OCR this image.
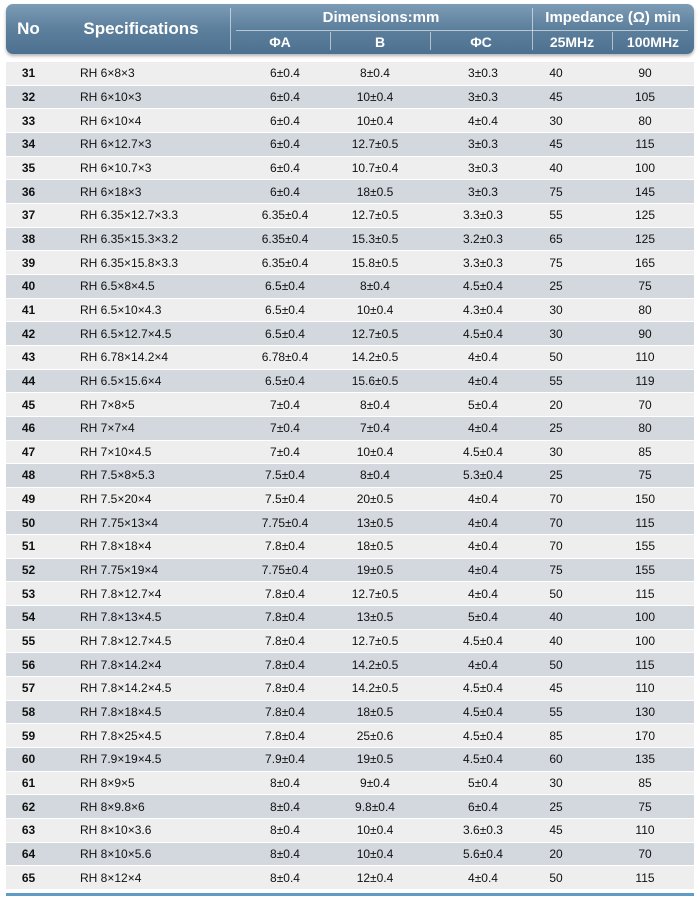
No	Specifications
Dimensions:mm	Impedance (Ω) min
ΦA	B	ΦC	25MHz	100MHz
31	RH 6×8×3	6±0.4	8±0.4	3±0.3	40	90
32	RH 6×10×3	6±0.4	10±0.4	3±0.3	45	105
33	RH 6×10×4	6±0.4	10±0.4	4±0.4	30	80
34	RH 6×12.7×3	6±0.4	12.7±0.5	3±0.3	45	115
35	RH 6×10.7×3	6±0.4	10.7±0.4	3±0.3	40	100
36	RH 6×18×3	6±0.4	18±0.5	3±0.3	75	145
37	RH 6.35×12.7×3.3	6.35±0.4	12.7±0.5	3.3±0.3	55	125
38	RH 6.35×15.3×3.2	6.35±0.4	15.3±0.5	3.2±0.3	65	125
39	RH 6.35×15.8×3.3	6.35±0.4	15.8±0.5	3.3±0.3	75	165
40	RH 6.5×8×4.5	6.5±0.4	8±0.4	4.5±0.4	25	75
41	RH 6.5×10×4.3	6.5±0.4	10±0.4	4.3±0.4	30	80
42	RH 6.5×12.7×4.5	6.5±0.4	12.7±0.5	4.5±0.4	30	90
43	RH 6.78×14.2×4	6.78±0.4	14.2±0.5	4±0.4	50	110
44	RH 6.5×15.6×4	6.5±0.4	15.6±0.5	4±0.4	55	119
45	RH 7×8×5	7±0.4	8±0.4	5±0.4	20	70
46	RH 7×7×4	7±0.4	7±0.4	4±0.4	25	80
47	RH 7×10×4.5	7±0.4	10±0.4	4.5±0.4	30	85
48	RH 7.5×8×5.3	7.5±0.4	8±0.4	5.3±0.4	25	75
49	RH 7.5×20×4	7.5±0.4	20±0.5	4±0.4	70	150
50	RH 7.75×13×4	7.75±0.4	13±0.5	4±0.4	70	115
51	RH 7.8×18×4	7.8±0.4	18±0.5	4±0.4	70	155
52	RH 7.75×19×4	7.75±0.4	19±0.5	4±0.4	75	155
53	RH 7.8×12.7×4	7.8±0.4	12.7±0.5	4±0.4	50	115
54	RH 7.8×13×4.5	7.8±0.4	13±0.5	5±0.4	40	100
55	RH 7.8×12.7×4.5	7.8±0.4	12.7±0.5	4.5±0.4	40	100
56	RH 7.8×14.2×4	7.8±0.4	14.2±0.5	4±0.4	50	115
57	RH 7.8×14.2×4.5	7.8±0.4	14.2±0.5	4.5±0.4	45	110
58	RH 7.8×18×4.5	7.8±0.4	18±0.5	4.5±0.4	55	130
59	RH 7.8×25×4.5	7.8±0.4	25±0.6	4.5±0.4	85	170
60	RH 7.9×19×4.5	7.9±0.4	19±0.5	4.5±0.4	60	135
61	RH 8×9×5	8±0.4	9±0.4	5±0.4	30	85
62	RH 8×9.8×6	8±0.4	9.8±0.4	6±0.4	25	75
63	RH 8×10×3.6	8±0.4	10±0.4	3.6±0.3	45	110
64	RH 8×10×5.6	8±0.4	10±0.4	5.6±0.4	20	70
65	RH 8×12×4	8±0.4	12±0.4	4±0.4	50	115
